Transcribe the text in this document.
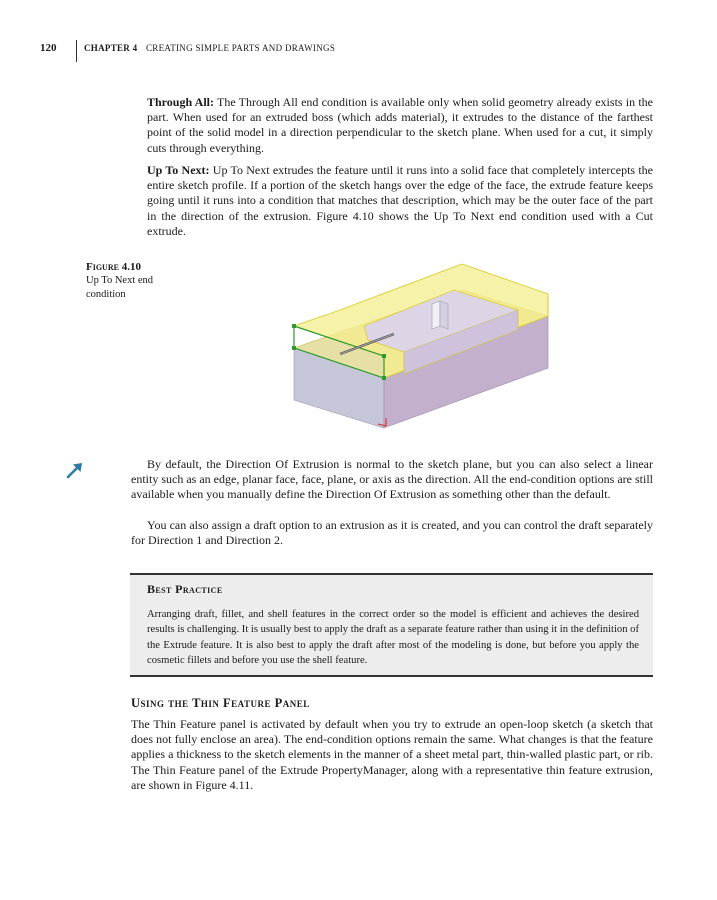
120	CHAPTER 4 CREATING SIMPLE PARTS AND DRAWINGS

Through All: The Through All end condition is available only when solid geometry already exists in the part. When used for an extruded boss (which adds material), it extrudes to the distance of the farthest point of the solid model in a direction perpendicular to the sketch plane. When used for a cut, it simply cuts through everything.

Up To Next: Up To Next extrudes the feature until it runs into a solid face that completely intercepts the entire sketch profile. If a portion of the sketch hangs over the edge of the face, the extrude feature keeps going until it runs into a condition that matches that description, which may be the outer face of the part in the direction of the extrusion. Figure 4.10 shows the Up To Next end condition used with a Cut extrude.

Figure 4.10
Up To Next end condition

By default, the Direction Of Extrusion is normal to the sketch plane, but you can also select a linear entity such as an edge, planar face, face, plane, or axis as the direction. All the end-condition options are still available when you manually define the Direction Of Extrusion as something other than the default.

You can also assign a draft option to an extrusion as it is created, and you can control the draft separately for Direction 1 and Direction 2.

Best Practice

Arranging draft, fillet, and shell features in the correct order so the model is efficient and achieves the desired results is challenging. It is usually best to apply the draft as a separate feature rather than using it in the definition of the Extrude feature. It is also best to apply the draft after most of the modeling is done, but before you apply the cosmetic fillets and before you use the shell feature.

Using the Thin Feature Panel

The Thin Feature panel is activated by default when you try to extrude an open-loop sketch (a sketch that does not fully enclose an area). The end-condition options remain the same. What changes is that the feature applies a thickness to the sketch elements in the manner of a sheet metal part, thin-walled plastic part, or rib. The Thin Feature panel of the Extrude PropertyManager, along with a representative thin feature extrusion, are shown in Figure 4.11.
